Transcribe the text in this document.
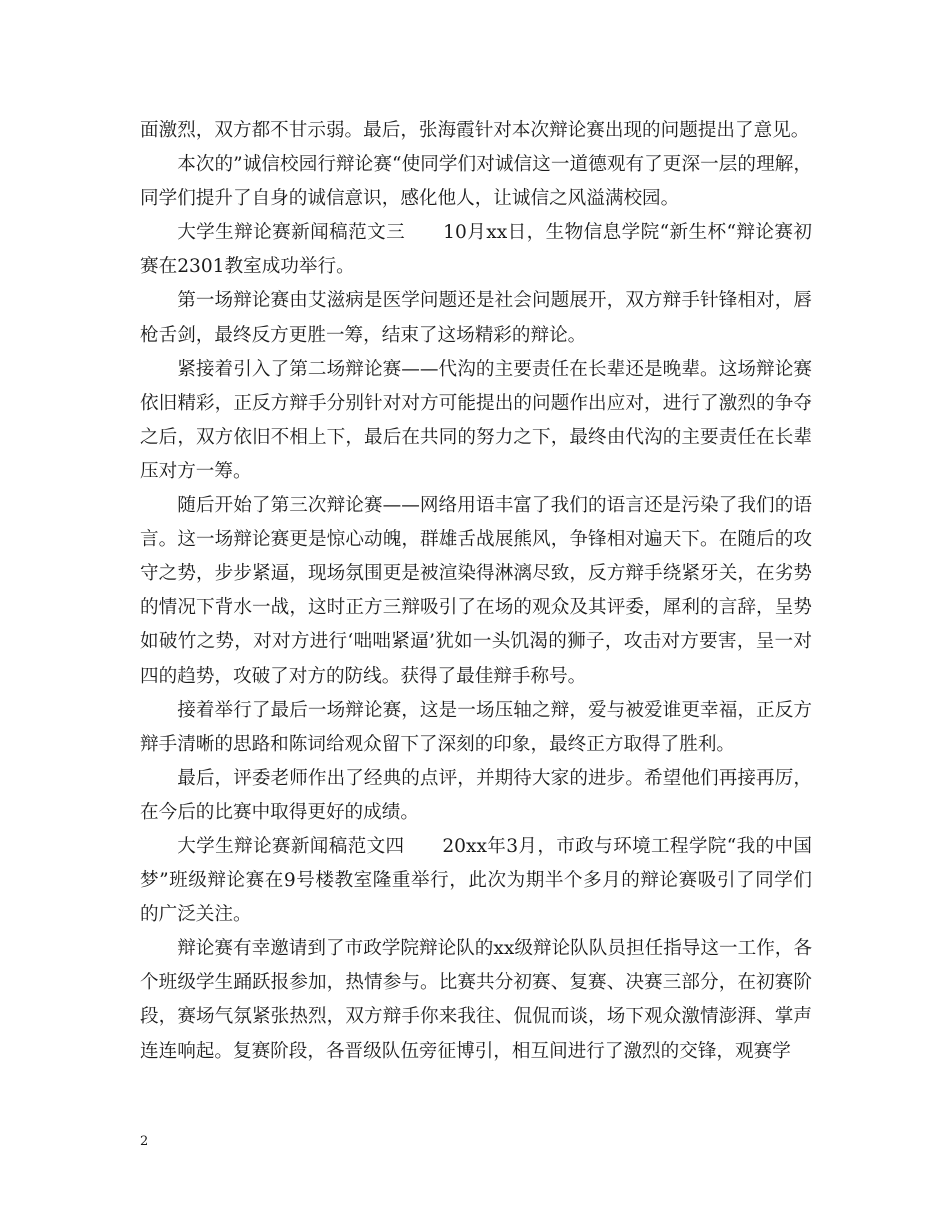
面激烈，双方都不甘示弱。最后，张海霞针对本次辩论赛出现的问题提出了意见。

本次的”诚信校园行辩论赛“使同学们对诚信这一道德观有了更深一层的理解，同学们提升了自身的诚信意识，感化他人，让诚信之风溢满校园。

大学生辩论赛新闻稿范文三　　10月xx日，生物信息学院“新生杯“辩论赛初赛在2301教室成功举行。

第一场辩论赛由艾滋病是医学问题还是社会问题展开，双方辩手针锋相对，唇枪舌剑，最终反方更胜一筹，结束了这场精彩的辩论。

紧接着引入了第二场辩论赛——代沟的主要责任在长辈还是晚辈。这场辩论赛依旧精彩，正反方辩手分别针对对方可能提出的问题作出应对，进行了激烈的争夺之后，双方依旧不相上下，最后在共同的努力之下，最终由代沟的主要责任在长辈压对方一筹。

随后开始了第三次辩论赛——网络用语丰富了我们的语言还是污染了我们的语言。这一场辩论赛更是惊心动魄，群雄舌战展熊风，争锋相对遍天下。在随后的攻守之势，步步紧逼，现场氛围更是被渲染得淋漓尽致，反方辩手绕紧牙关，在劣势的情况下背水一战，这时正方三辩吸引了在场的观众及其评委，犀利的言辞，呈势如破竹之势，对对方进行‘咄咄紧逼’犹如一头饥渴的狮子，攻击对方要害，呈一对四的趋势，攻破了对方的防线。获得了最佳辩手称号。

接着举行了最后一场辩论赛，这是一场压轴之辩，爱与被爱谁更幸福，正反方辩手清晰的思路和陈词给观众留下了深刻的印象，最终正方取得了胜利。

最后，评委老师作出了经典的点评，并期待大家的进步。希望他们再接再厉，在今后的比赛中取得更好的成绩。

大学生辩论赛新闻稿范文四　　20xx年3月，市政与环境工程学院“我的中国梦”班级辩论赛在9号楼教室隆重举行，此次为期半个多月的辩论赛吸引了同学们的广泛关注。

辩论赛有幸邀请到了市政学院辩论队的xx级辩论队队员担任指导这一工作，各个班级学生踊跃报参加，热情参与。比赛共分初赛、复赛、决赛三部分，在初赛阶段，赛场气氛紧张热烈，双方辩手你来我往、侃侃而谈，场下观众激情澎湃、掌声连连响起。复赛阶段，各晋级队伍旁征博引，相互间进行了激烈的交锋，观赛学

2
